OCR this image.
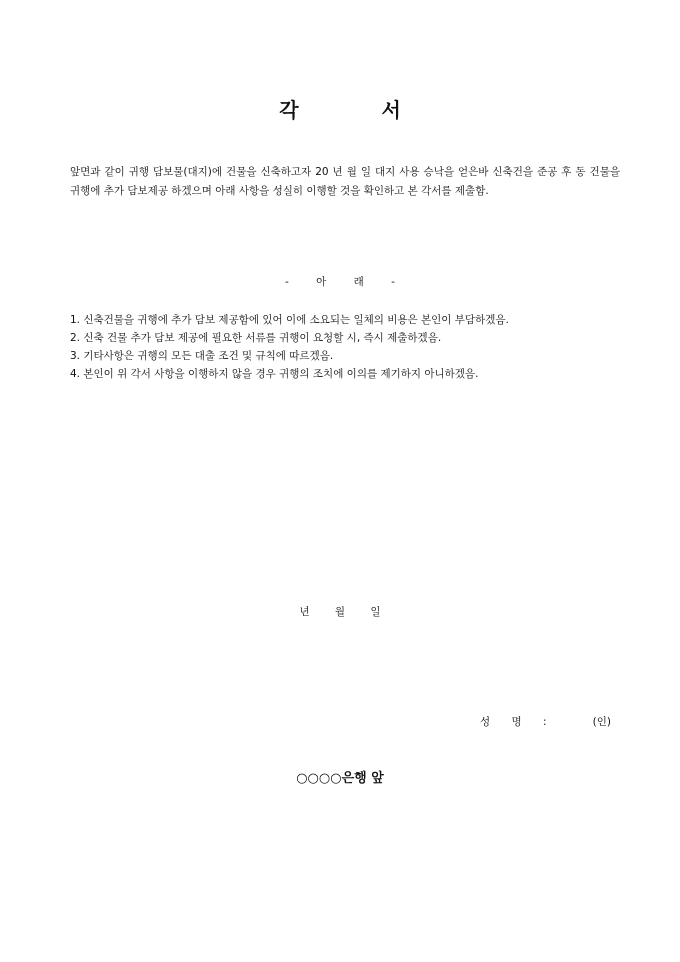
각 서
앞면과 같이 귀행 담보물(대지)에 건물을 신축하고자 20 년 월 일 대지 사용 승낙을 얻은바 신축건을 준공 후 동 건물을 귀행에 추가 담보제공 하겠으며 아래 사항을 성실히 이행할 것을 확인하고 본 각서를 제출함.
- 아 래 -
1. 신축건물을 귀행에 추가 담보 제공함에 있어 이에 소요되는 일체의 비용은 본인이 부담하겠음.
2. 신축 건물 추가 담보 제공에 필요한 서류를 귀행이 요청할 시, 즉시 제출하겠음.
3. 기타사항은 귀행의 모든 대출 조건 및 규칙에 따르겠음.
4. 본인이 위 각서 사항을 이행하지 않을 경우 귀행의 조치에 이의를 제기하지 아니하겠음.
년 월 일
성 명 :	(인)
○○○○은행 앞
